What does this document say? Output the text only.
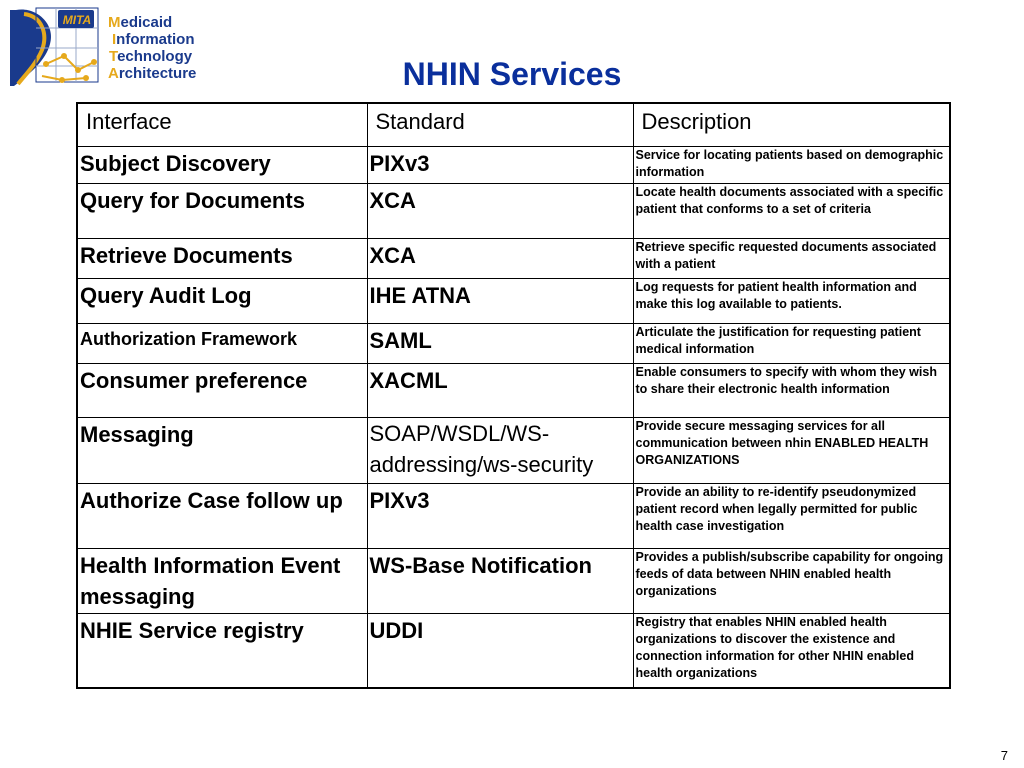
MITA Medicaid
Information
Technology
Architecture	NHIN Services
Interface	Standard	Description

Subject Discovery	PIXv3	Service for locating patients based on demographic information

Query for Documents	XCA	Locate health documents associated with a specific patient that conforms to a set of criteria

Retrieve Documents	XCA	Retrieve specific requested documents associated with a patient

Query Audit Log	IHE ATNA	Log requests for patient health information and make this log available to patients.

Authorization Framework	SAML	Articulate the justification for requesting patient medical information

Consumer preference	XACML	Enable consumers to specify with whom they wish to share their electronic health information

Messaging	SOAP/WSDL/WS-addressing/ws-security	Provide secure messaging services for all communication between nhin ENABLED HEALTH ORGANIZATIONS

Authorize Case follow up	PIXv3	Provide an ability to re-identify pseudonymized patient record when legally permitted for public health case investigation

Health Information Event messaging	WS-Base Notification	Provides a publish/subscribe capability for ongoing feeds of data between NHIN enabled health organizations

NHIE Service registry	UDDI	Registry that enables NHIN enabled health organizations to discover the existence and connection information for other NHIN enabled health organizations
7
